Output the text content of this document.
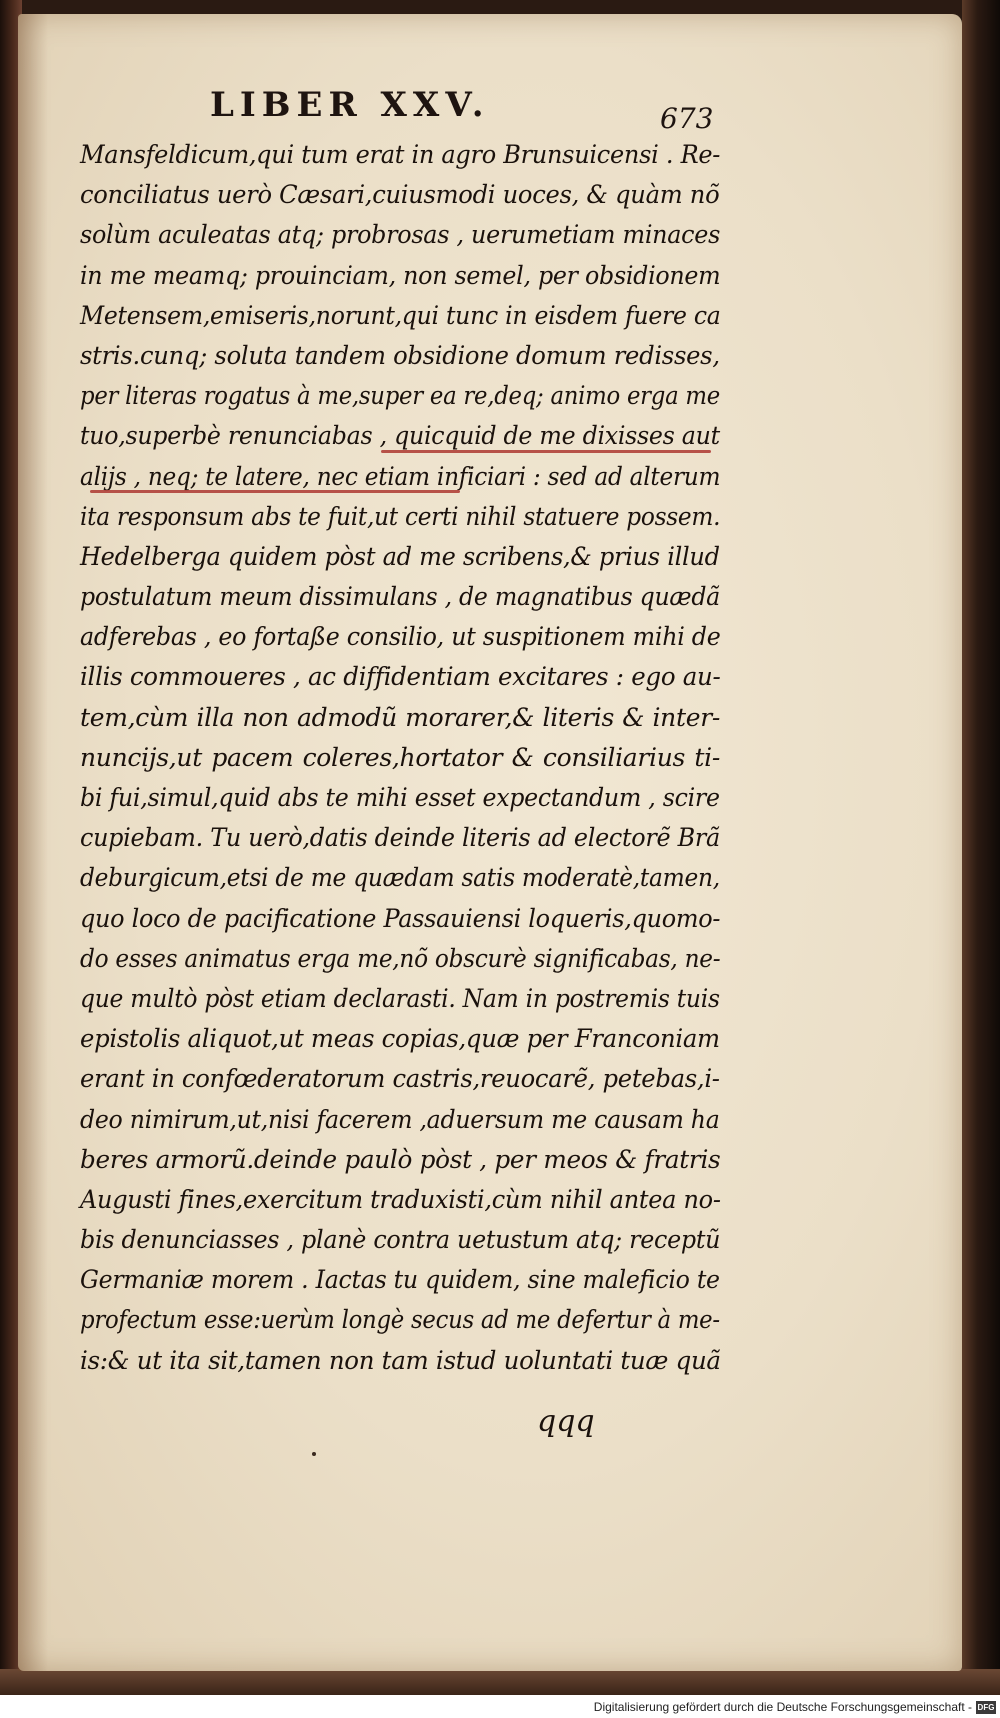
LIBER XXV.	673
Mansfeldicum,qui tum erat in agro Brunsuicensi . Re-
conciliatus uerò Cæsari,cuiusmodi uoces, & quàm nõ
solùm aculeatas atq; probrosas , uerumetiam minaces
in me meamq; prouinciam, non semel, per obsidionem
Metensem,emiseris,norunt,qui tunc in eisdem fuere ca
stris.cunq; soluta tandem obsidione domum redisses,
per literas rogatus à me,super ea re,deq; animo erga me
tuo,superbè renunciabas , quicquid de me dixisses aut
alijs , neq; te latere, nec etiam inficiari : sed ad alterum
ita responsum abs te fuit,ut certi nihil statuere possem.
Hedelberga quidem pòst ad me scribens,& prius illud
postulatum meum dissimulans , de magnatibus quædã
adferebas , eo fortaße consilio, ut suspitionem mihi de
illis commoueres , ac diffidentiam excitares : ego au-
tem,cùm illa non admodũ morarer,& literis & inter-
nuncijs,ut pacem coleres,hortator & consiliarius ti-
bi fui,simul,quid abs te mihi esset expectandum , scire
cupiebam. Tu uerò,datis deinde literis ad electorẽ Brã
deburgicum,etsi de me quædam satis moderatè,tamen,
quo loco de pacificatione Passauiensi loqueris,quomo-
do esses animatus erga me,nõ obscurè significabas, ne-
que multò pòst etiam declarasti. Nam in postremis tuis
epistolis aliquot,ut meas copias,quæ per Franconiam
erant in confœderatorum castris,reuocarẽ, petebas,i-
deo nimirum,ut,nisi facerem ,aduersum me causam ha
beres armorũ.deinde paulò pòst , per meos & fratris
Augusti fines,exercitum traduxisti,cùm nihil antea no-
bis denunciasses , planè contra uetustum atq; receptũ
Germaniæ morem . Iactas tu quidem, sine maleficio te
profectum esse:uerùm longè secus ad me defertur à me-
is:& ut ita sit,tamen non tam istud uoluntati tuæ quã
qqq
Digitalisierung gefördert durch die Deutsche Forschungsgemeinschaft - DFG
